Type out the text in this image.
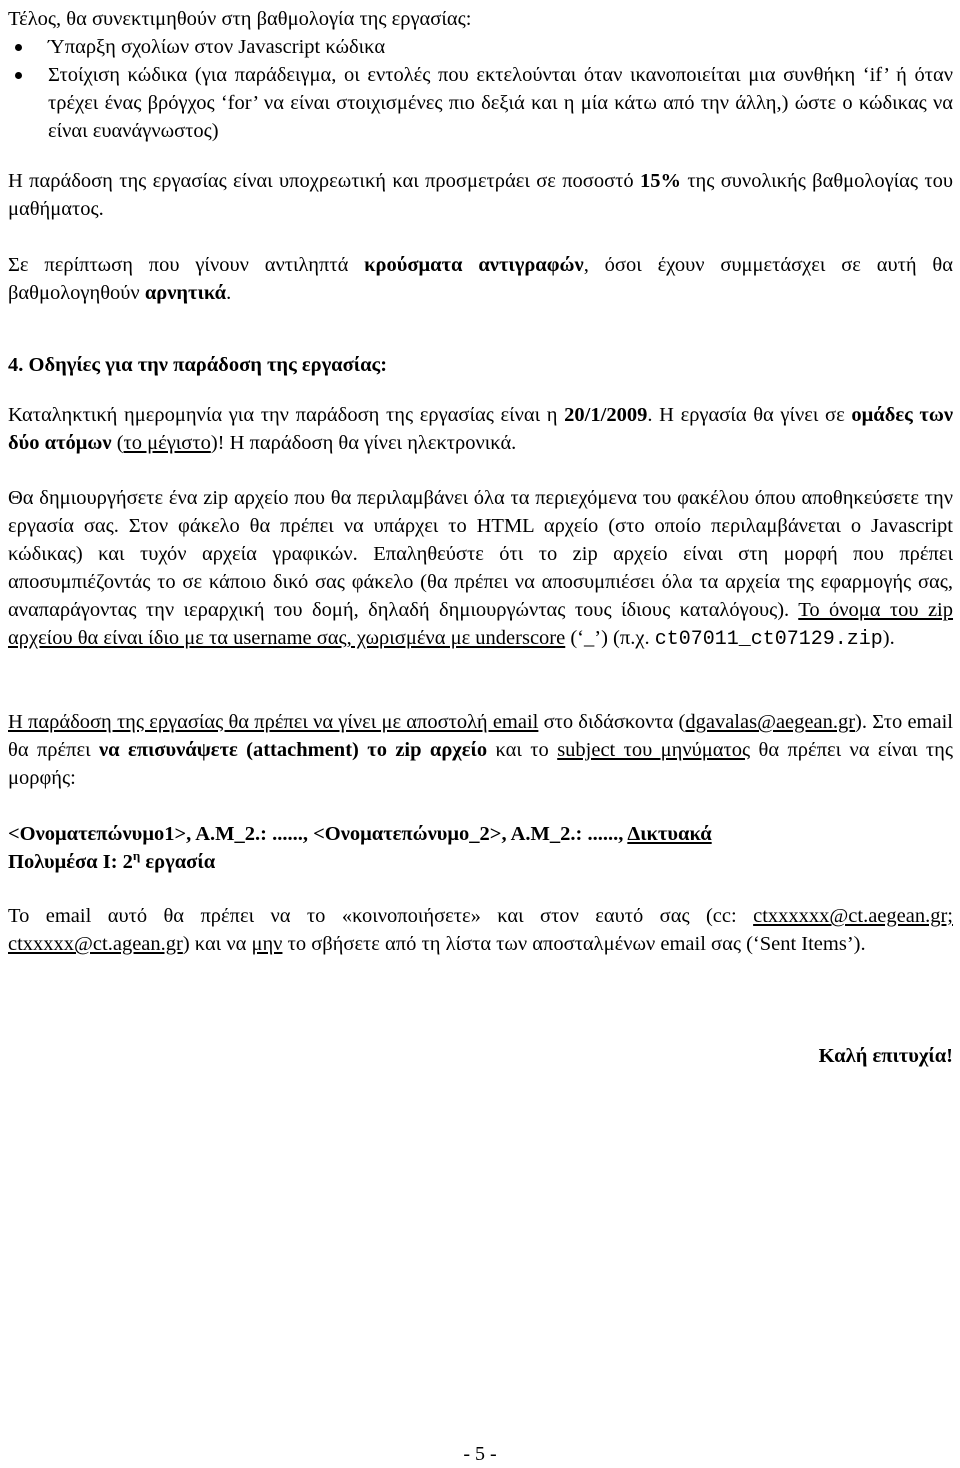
Τέλος, θα συνεκτιμηθούν στη βαθμολογία της εργασίας:

Ύπαρξη σχολίων στον Javascript κώδικα
Στοίχιση κώδικα (για παράδειγμα, οι εντολές που εκτελούνται όταν ικανοποιείται μια συνθήκη ‘if’ ή όταν τρέχει ένας βρόγχος ‘for’ να είναι στοιχισμένες πιο δεξιά και η μία κάτω από την άλλη,) ώστε ο κώδικας να είναι ευανάγνωστος)

Η παράδοση της εργασίας είναι υποχρεωτική και προσμετράει σε ποσοστό 15% της συνολικής βαθμολογίας του μαθήματος.

Σε περίπτωση που γίνουν αντιληπτά κρούσματα αντιγραφών, όσοι έχουν συμμετάσχει σε αυτή θα βαθμολογηθούν αρνητικά.

4. Οδηγίες για την παράδοση της εργασίας:

Καταληκτική ημερομηνία για την παράδοση της εργασίας είναι η 20/1/2009. Η εργασία θα γίνει σε ομάδες των δύο ατόμων (το μέγιστο)! Η παράδοση θα γίνει ηλεκτρονικά.

Θα δημιουργήσετε ένα zip αρχείο που θα περιλαμβάνει όλα τα περιεχόμενα του φακέλου όπου αποθηκεύσετε την εργασία σας. Στον φάκελο θα πρέπει να υπάρχει το HTML αρχείο (στο οποίο περιλαμβάνεται ο Javascript κώδικας) και τυχόν αρχεία γραφικών. Επαληθεύστε ότι το zip αρχείο είναι στη μορφή που πρέπει αποσυμπιέζοντάς το σε κάποιο δικό σας φάκελο (θα πρέπει να αποσυμπιέσει όλα τα αρχεία της εφαρμογής σας, αναπαράγοντας την ιεραρχική του δομή, δηλαδή δημιουργώντας τους ίδιους καταλόγους). Το όνομα του zip αρχείου θα είναι ίδιο με τα username σας, χωρισμένα με underscore (‘_’) (π.χ. ct07011_ct07129.zip).

Η παράδοση της εργασίας θα πρέπει να γίνει με αποστολή email στο διδάσκοντα (dgavalas@aegean.gr). Στο email θα πρέπει να επισυνάψετε (attachment) το zip αρχείο και το subject του μηνύματος θα πρέπει να είναι της μορφής:

<Ονοματεπώνυμο1>, Α.Μ_2.: ......, <Ονοματεπώνυμο_2>, Α.Μ_2.: ......, Δικτυακά
Πολυμέσα Ι: $2^\eta$ εργασία

Το email αυτό θα πρέπει να το «κοινοποιήσετε» και στον εαυτό σας (cc: ctxxxxxx@ct.aegean.gr; ctxxxxx@ct.agean.gr) και να μην το σβήσετε από τη λίστα των αποσταλμένων email σας (‘Sent Items’).

Καλή επιτυχία!

- 5 -
